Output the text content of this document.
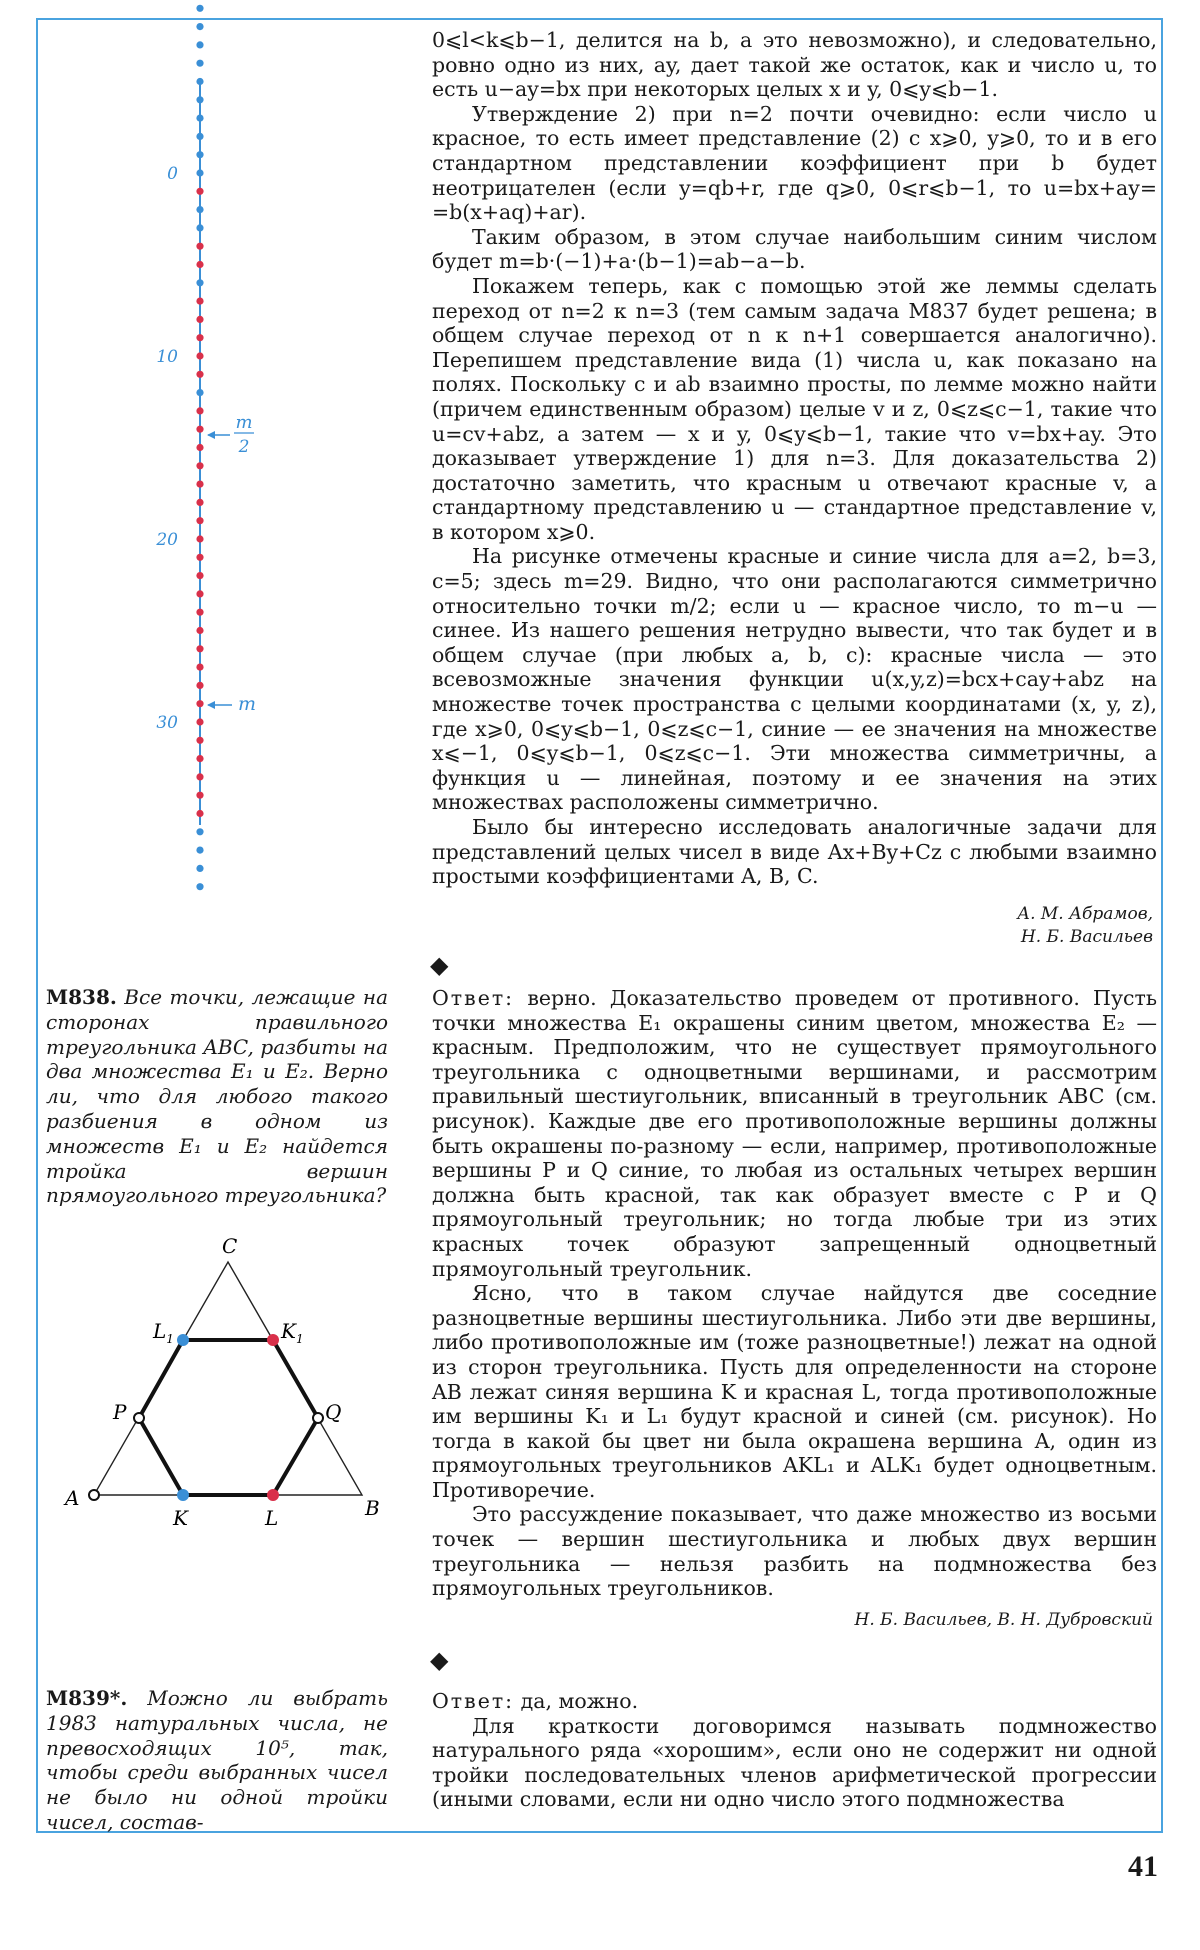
0
10
20
30
m
2
m

0⩽l<k⩽b−1, делится на b, а это невозможно), и следовательно, ровно одно из них, ay, дает такой же остаток, как и число u, то есть u−ay=bx при некоторых целых x и y, 0⩽y⩽b−1.

Утверждение 2) при n=2 почти очевидно: если число u красное, то есть имеет представление (2) с x⩾0, y⩾0, то и в его стандартном представлении коэффициент при b будет неотрицателен (если y=qb+r, где q⩾0, 0⩽r⩽b−1, то u=bx+ay= =b(x+aq)+ar).

Таким образом, в этом случае наибольшим синим числом будет m=b·(−1)+a·(b−1)=ab−a−b.

Покажем теперь, как с помощью этой же леммы сделать переход от n=2 к n=3 (тем самым задача М837 будет решена; в общем случае переход от n к n+1 совершается аналогично). Перепишем представление вида (1) числа u, как показано на полях. Поскольку c и ab взаимно просты, по лемме можно найти (причем единственным образом) целые v и z, 0⩽z⩽c−1, такие что u=cv+abz, а затем — x и y, 0⩽y⩽b−1, такие что v=bx+ay. Это доказывает утверждение 1) для n=3. Для доказательства 2) достаточно заметить, что красным u отвечают красные v, а стандартному представлению u — стандартное представление v, в котором x⩾0.

На рисунке отмечены красные и синие числа для a=2, b=3, c=5; здесь m=29. Видно, что они располагаются симметрично относительно точки m/2; если u — красное число, то m−u — синее. Из нашего решения нетрудно вывести, что так будет и в общем случае (при любых a, b, c): красные числа — это всевозможные значения функции u(x,y,z)=bcx+cay+abz на множестве точек пространства с целыми координатами (x, y, z), где x⩾0, 0⩽y⩽b−1, 0⩽z⩽c−1, синие — ее значения на множестве x⩽−1, 0⩽y⩽b−1, 0⩽z⩽c−1. Эти множества симметричны, а функция u — линейная, поэтому и ее значения на этих множествах расположены симметрично.

Было бы интересно исследовать аналогичные задачи для представлений целых чисел в виде Ax+By+Cz с любыми взаимно простыми коэффициентами A, B, C.

А. М. Абрамов,

Н. Б. Васильев

◆
М838. Все точки, лежащие на сторонах правильного треугольника ABC, разбиты на два множества E₁ и E₂. Верно ли, что для любого такого разбиения в одном из множеств E₁ и E₂ найдется тройка вершин прямоугольного треугольника?
C
A	B
P	Q
K	L
$L_1$	$K_1$

Ответ: верно. Доказательство проведем от противного. Пусть точки множества E₁ окрашены синим цветом, множества E₂ — красным. Предположим, что не существует прямоугольного треугольника с одноцветными вершинами, и рассмотрим правильный шестиугольник, вписанный в треугольник ABC (см. рисунок). Каждые две его противоположные вершины должны быть окрашены по-разному — если, например, противоположные вершины P и Q синие, то любая из остальных четырех вершин должна быть красной, так как образует вместе с P и Q прямоугольный треугольник; но тогда любые три из этих красных точек образуют запрещенный одноцветный прямоугольный треугольник.

Ясно, что в таком случае найдутся две соседние разноцветные вершины шестиугольника. Либо эти две вершины, либо противоположные им (тоже разноцветные!) лежат на одной из сторон треугольника. Пусть для определенности на стороне AB лежат синяя вершина K и красная L, тогда противоположные им вершины K₁ и L₁ будут красной и синей (см. рисунок). Но тогда в какой бы цвет ни была окрашена вершина A, один из прямоугольных треугольников AKL₁ и ALK₁ будет одноцветным. Противоречие.

Это рассуждение показывает, что даже множество из восьми точек — вершин шестиугольника и любых двух вершин треугольника — нельзя разбить на подмножества без прямоугольных треугольников.

Н. Б. Васильев, В. Н. Дубровский

◆
М839*. Можно ли выбрать 1983 натуральных числа, не превосходящих 10⁵, так, чтобы среди выбранных чисел не было ни одной тройки чисел, состав-

Ответ: да, можно.

Для краткости договоримся называть подмножество натурального ряда «хорошим», если оно не содержит ни одной тройки последовательных членов арифметической прогрессии (иными словами, если ни одно число этого подмножества

41
